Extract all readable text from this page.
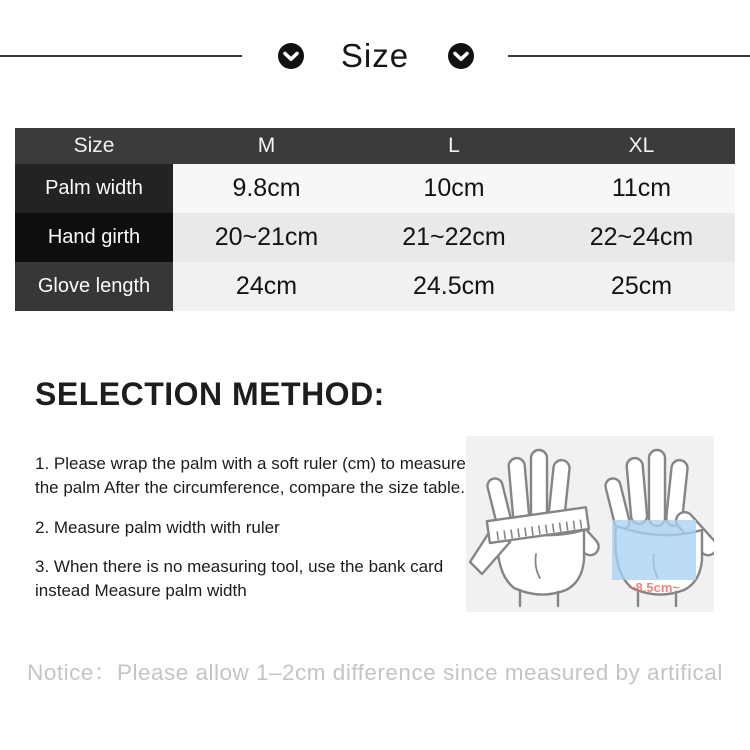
Size
Size	M	L	XL
Palm width	9.8cm	10cm	11cm
Hand girth	20~21cm	21~22cm	22~24cm
Glove length	24cm	24.5cm	25cm
SELECTION METHOD:

1. Please wrap the palm with a soft ruler (cm) to measure the palm After the circumference, compare the size table.

2. Measure palm width with ruler

3. When there is no measuring tool, use the bank card instead Measure palm width	~8.5cm~
Notice：Please allow 1–2cm difference since measured by artifical
